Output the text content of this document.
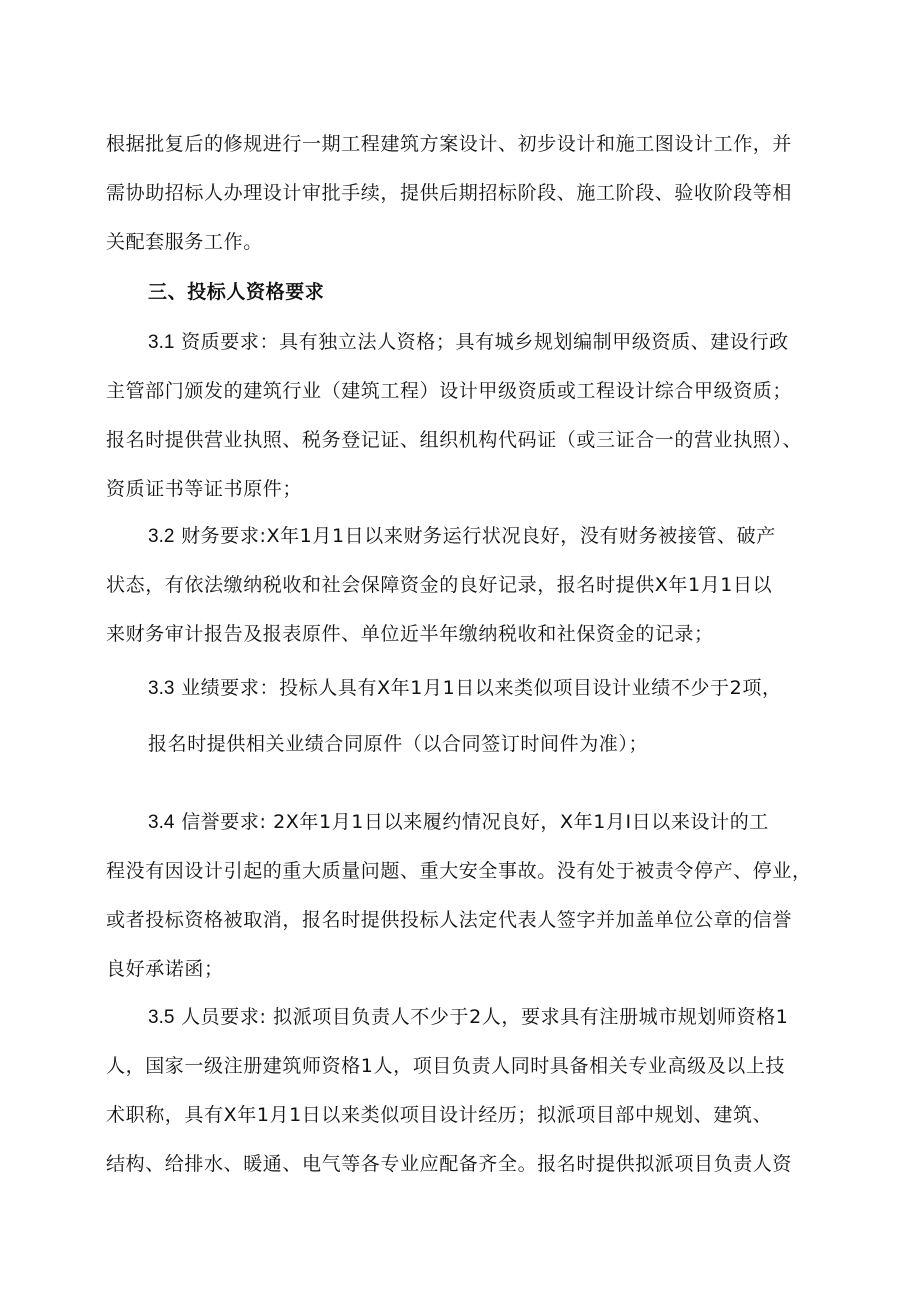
根据批复后的修规进行一期工程建筑方案设计、初步设计和施工图设计工作，并
需协助招标人办理设计审批手续，提供后期招标阶段、施工阶段、验收阶段等相
关配套服务工作。
三、投标人资格要求
3.1 资质要求：具有独立法人资格；具有城乡规划编制甲级资质、建设行政
主管部门颁发的建筑行业（建筑工程）设计甲级资质或工程设计综合甲级资质；
报名时提供营业执照、税务登记证、组织机构代码证（或三证合一的营业执照）、
资质证书等证书原件；
3.2 财务要求:X年1月1日以来财务运行状况良好，没有财务被接管、破产
状态，有依法缴纳税收和社会保障资金的良好记录，报名时提供X年1月1日以
来财务审计报告及报表原件、单位近半年缴纳税收和社保资金的记录；
3.3 业绩要求：投标人具有X年1月1日以来类似项目设计业绩不少于2项，
报名时提供相关业绩合同原件（以合同签订时间件为准）；
3.4 信誉要求: 2X年1月1日以来履约情况良好，X年1月I日以来设计的工
程没有因设计引起的重大质量问题、重大安全事故。没有处于被责令停产、停业，
或者投标资格被取消，报名时提供投标人法定代表人签字并加盖单位公章的信誉
良好承诺函；
3.5 人员要求: 拟派项目负责人不少于2人，要求具有注册城市规划师资格1
人，国家一级注册建筑师资格1人，项目负责人同时具备相关专业高级及以上技
术职称，具有X年1月1日以来类似项目设计经历；拟派项目部中规划、建筑、
结构、给排水、暖通、电气等各专业应配备齐全。报名时提供拟派项目负责人资
